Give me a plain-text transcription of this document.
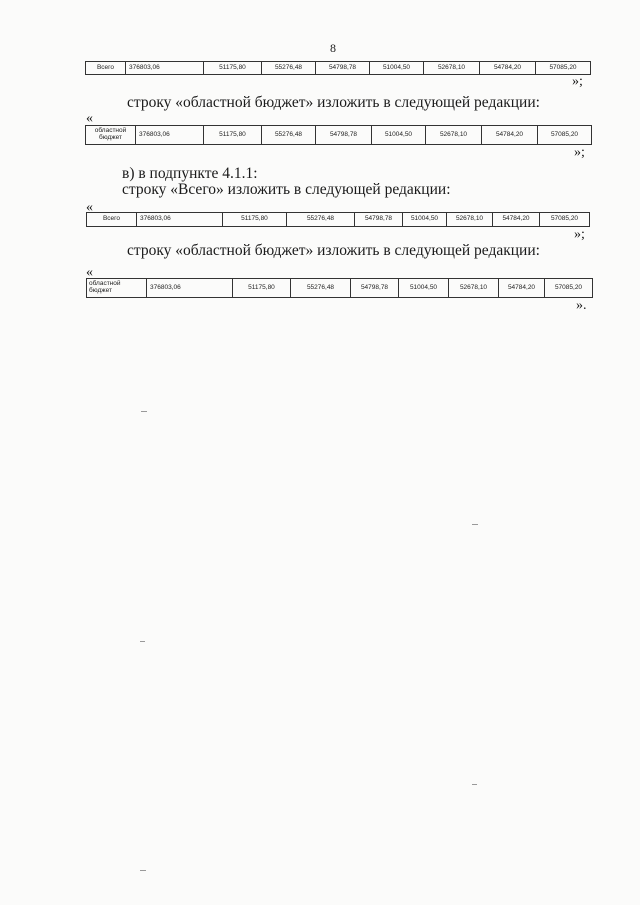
8
Всего	376803,06	51175,80	55276,48	54798,78	51004,50	52678,10	54784,20	57085,20
»;
строку «областной бюджет» изложить в следующей редакции:
«
областной бюджет	376803,06	51175,80	55276,48	54798,78	51004,50	52678,10	54784,20	57085,20
»;
в) в подпункте 4.1.1:
строку «Всего» изложить в следующей редакции:
«
Всего	376803,06	51175,80	55276,48	54798,78	51004,50	52678,10	54784,20	57085,20
»;
строку «областной бюджет» изложить в следующей редакции:
«
областной бюджет	376803,06	51175,80	55276,48	54798,78	51004,50	52678,10	54784,20	57085,20
».
